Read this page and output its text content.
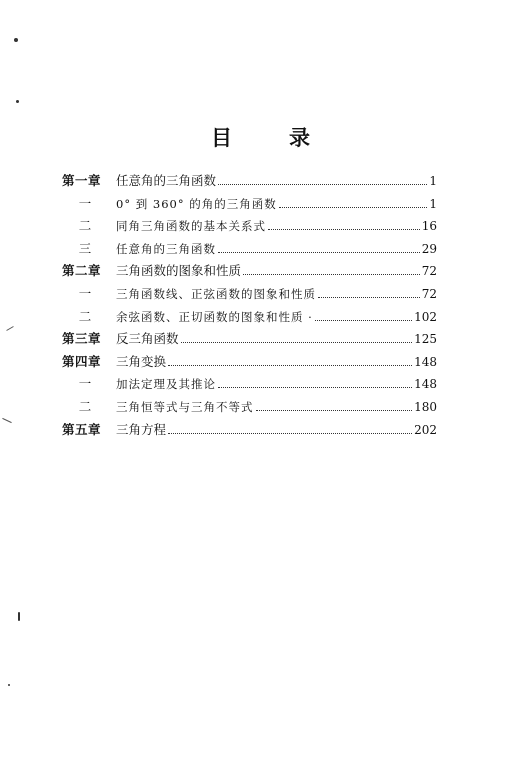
目　录
第一章	任意角的三角函数	1
一	0° 到 360° 的角的三角函数	1
二	同角三角函数的基本关系式	16
三	任意角的三角函数	29
第二章	三角函数的图象和性质	72
一	三角函数线、正弦函数的图象和性质	72
二	余弦函数、正切函数的图象和性质 ·	102
第三章	反三角函数	125
第四章	三角变换	148
一	加法定理及其推论	148
二	三角恒等式与三角不等式	180
第五章	三角方程	202
